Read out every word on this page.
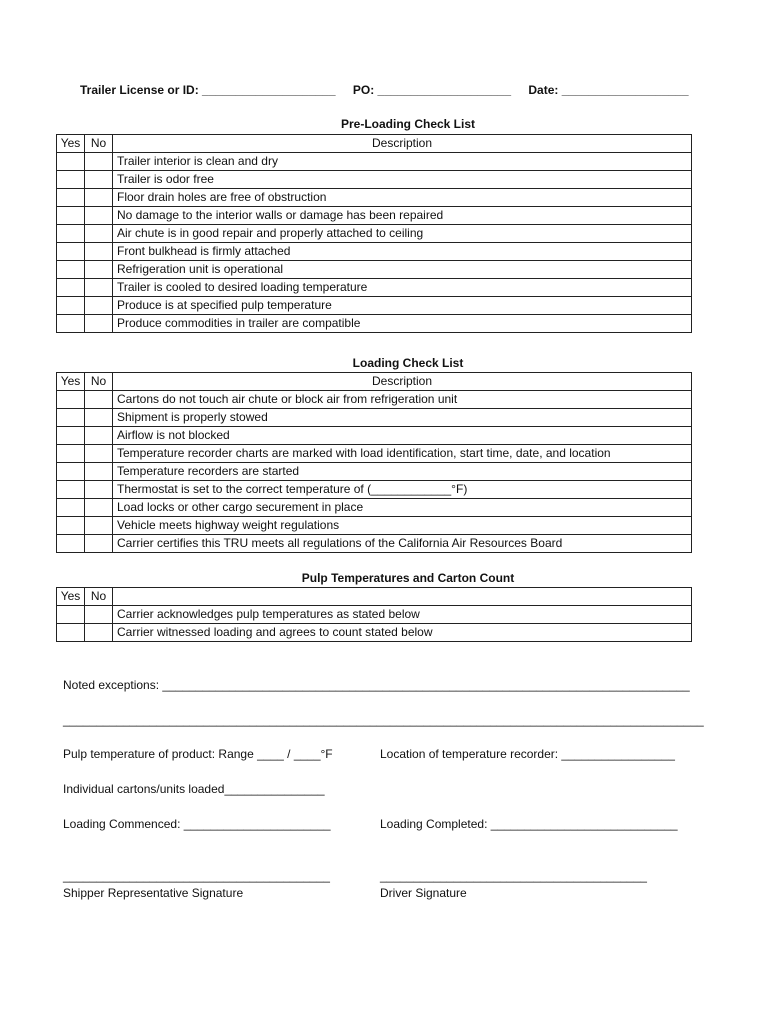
Trailer License or ID: ____________________ PO: ____________________ Date: ___________________
Pre-Loading Check List
Yes	No	Description
		Trailer interior is clean and dry
		Trailer is odor free
		Floor drain holes are free of obstruction
		No damage to the interior walls or damage has been repaired
		Air chute is in good repair and properly attached to ceiling
		Front bulkhead is firmly attached
		Refrigeration unit is operational
		Trailer is cooled to desired loading temperature
		Produce is at specified pulp temperature
		Produce commodities in trailer are compatible
Loading Check List
Yes	No	Description
		Cartons do not touch air chute or block air from refrigeration unit
		Shipment is properly stowed
		Airflow is not blocked
		Temperature recorder charts are marked with load identification, start time, date, and location
		Temperature recorders are started
		Thermostat is set to the correct temperature of (____________°F)
		Load locks or other cargo securement in place
		Vehicle meets highway weight regulations
		Carrier certifies this TRU meets all regulations of the California Air Resources Board
Pulp Temperatures and Carton Count
Yes	No	
		Carrier acknowledges pulp temperatures as stated below
		Carrier witnessed loading and agrees to count stated below
Noted exceptions: _______________________________________________________________________________
________________________________________________________________________________________________
Pulp temperature of product: Range ____ / ____°F	Location of temperature recorder: _________________
Individual cartons/units loaded_______________
Loading Commenced: ______________________	Loading Completed: ____________________________
________________________________________	________________________________________
Shipper Representative Signature	Driver Signature
